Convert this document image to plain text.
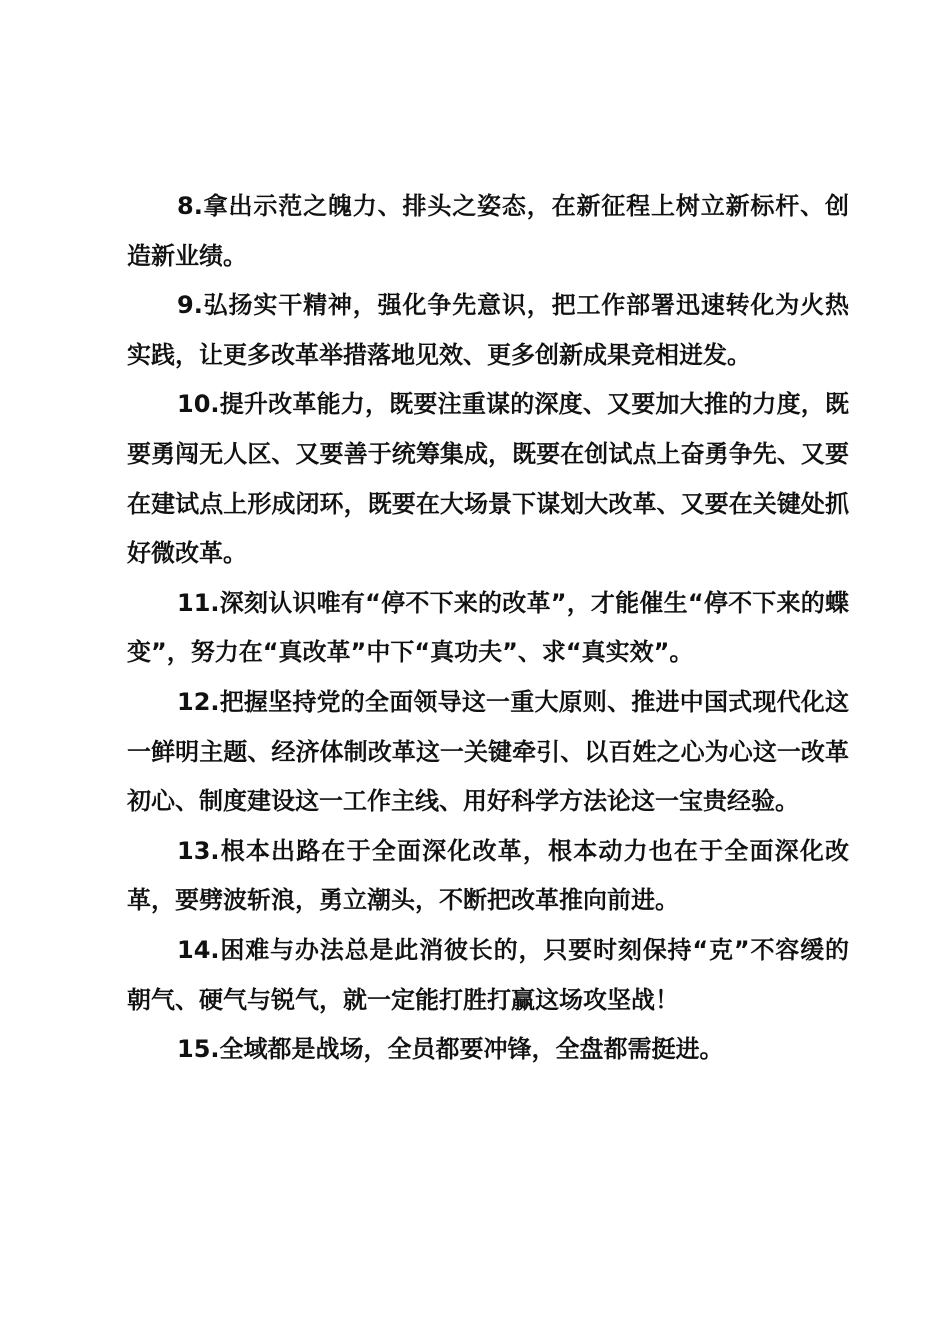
8.拿出示范之魄力、排头之姿态，在新征程上树立新标杆、创造新业绩。

9.弘扬实干精神，强化争先意识，把工作部署迅速转化为火热实践，让更多改革举措落地见效、更多创新成果竞相迸发。

10.提升改革能力，既要注重谋的深度、又要加大推的力度，既要勇闯无人区、又要善于统筹集成，既要在创试点上奋勇争先、又要在建试点上形成闭环，既要在大场景下谋划大改革、又要在关键处抓好微改革。

11.深刻认识唯有“停不下来的改革”，才能催生“停不下来的蝶变”，努力在“真改革”中下“真功夫”、求“真实效”。

12.把握坚持党的全面领导这一重大原则、推进中国式现代化这一鲜明主题、经济体制改革这一关键牵引、以百姓之心为心这一改革初心、制度建设这一工作主线、用好科学方法论这一宝贵经验。

13.根本出路在于全面深化改革，根本动力也在于全面深化改革，要劈波斩浪，勇立潮头，不断把改革推向前进。

14.困难与办法总是此消彼长的，只要时刻保持“克”不容缓的朝气、硬气与锐气，就一定能打胜打赢这场攻坚战！

15.全域都是战场，全员都要冲锋，全盘都需挺进。
